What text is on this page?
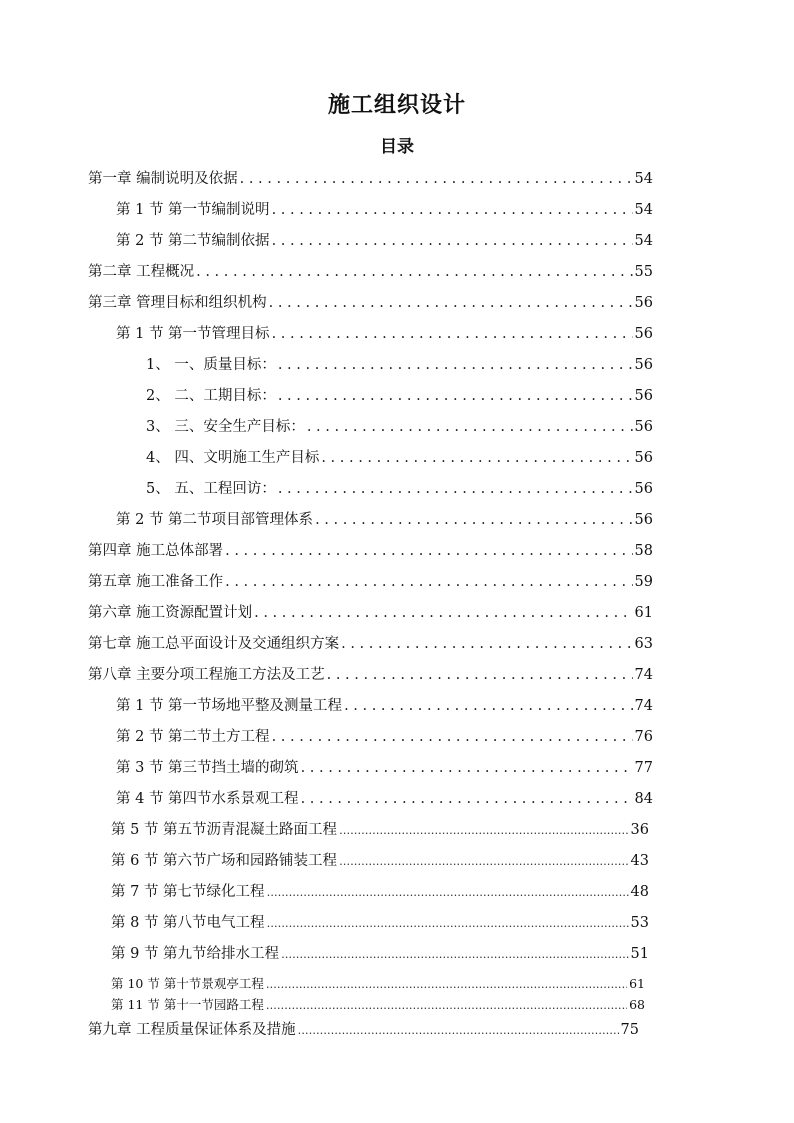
施工组织设计
目录
第一章 编制说明及依据 . . .	54
第 1 节 第一节编制说明 . . .	54
第 2 节 第二节编制依据 . . .	54
第二章 工程概况 . . .	55
第三章 管理目标和组织机构 . . .	56
第 1 节 第一节管理目标 . . .	56
1、 一、质量目标： . . .	56
2、 二、工期目标： . . .	56
3、 三、安全生产目标： . . .	56
4、 四、文明施工生产目标 . . .	56
5、 五、工程回访： . . .	56
第 2 节 第二节项目部管理体系 . . .	56
第四章 施工总体部署 . . .	58
第五章 施工准备工作 . . .	59
第六章 施工资源配置计划 . . .	61
第七章 施工总平面设计及交通组织方案 . . .	63
第八章 主要分项工程施工方法及工艺 . . .	74
第 1 节 第一节场地平整及测量工程 . . .	74
第 2 节 第二节土方工程 . . .	76
第 3 节 第三节挡土墙的砌筑 . . .	77
第 4 节 第四节水系景观工程 . . .	84
第 5 节 第五节沥青混凝土路面工程 …………………………………………………………………………………………………………………………………………………………………………………………………………………………………	36
第 6 节 第六节广场和园路铺装工程 …………………………………………………………………………………………………………………………………………………………………………………………………………………………………	43
第 7 节 第七节绿化工程 …………………………………………………………………………………………………………………………………………………………………………………………………………………………………	48
第 8 节 第八节电气工程 …………………………………………………………………………………………………………………………………………………………………………………………………………………………………	53
第 9 节 第九节给排水工程 …………………………………………………………………………………………………………………………………………………………………………………………………………………………………	51
第 10 节 第十节景观亭工程 …………………………………………………………………………………………………………………………………………………………………………………………………………………………………	61
第 11 节 第十一节园路工程 …………………………………………………………………………………………………………………………………………………………………………………………………………………………………	68
第九章 工程质量保证体系及措施 …………………………………………………………………………………………………………………………………………………………………………………………………………………………………	75
